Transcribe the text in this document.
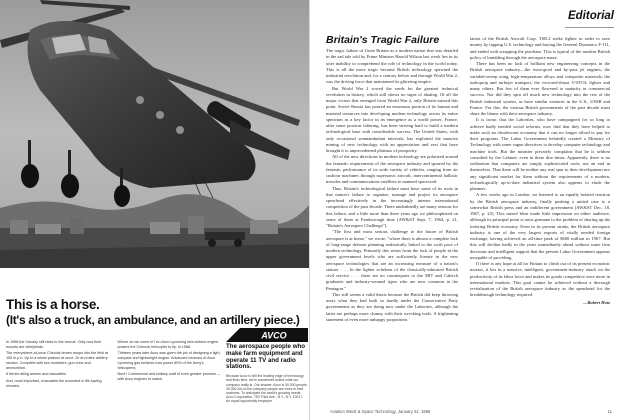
This is a horse.
(It's also a truck, an ambulance, and an artillery piece.)

In 1968 the Cavalry still rides to the rescue. Only now their mounts are whirlybirds.

The everywhere-at-once Chinook ferries troops into the field at 150 m.p.h. Up to a whole platoon at once. Or an entire artillery section. Complete with two howitzers, gun crew and ammunition.

It ferries ailing airmen and casualties.

And, most important, evacuates the wounded in life-saving minutes.

Where do we come in? An Avco Lycoming twin-turbine engine powers the Chinook helicopter to fly. In 1968.

Thirteen years later Avco was given the job of designing a light, compact and lightweight engine. Advanced versions of Avco Lycoming gas turbines now power 80% of the Army's helicopters.

Next? Commercial and military craft of even greater promise — with Avco engines to match.

AVCO
The aerospace people who make farm equipment and operate 11 TV and radio stations.
Because Avco is still the leading edge of technology and finds time, we're sometimes asked what our company really is. Our answer: Avco is 30,000 people, 30,000 out-of-the-company people are more in their business. To anticipate the world's growing needs. Avco Corporation, 750 Third Ave., N.Y., N.Y. 10017. An equal opportunity employer.
Editorial
Britain's Tragic Failure

The tragic failure of Great Britain as a modern nation that was detailed in the sad tale told by Prime Minister Harold Wilson last week lies in its utter inability to comprehend the role of technology in the world today. This is all the more tragic because British technology spawned the industrial revolution and, for a century before and through World War 2, was the driving force that maintained its glittering empire.

But World War 2 sowed the seeds for the greatest technical revolution in history, which still shows no signs of abating. Of all the major victors that emerged from World War 2, only Britain missed this point. Soviet Russia has poured an enormous portion of its human and material resources into developing modern technology across its entire spectrum as a key factor in its emergence as a world power. France, after some postwar faltering, has been striving hard to build a modern technological base with considerable success. The United States, with only occasional somnambulant intervals, has exploited the massive mining of new technology with an appreciation and zest that have brought it to unprecedented plateaus of prosperity.

All of the new directions in modern technology are polarized around the fantastic requirements of the aerospace industry and spurred by the fantastic performance of its wide variety of vehicles, ranging from air cushion machines through supersonic aircraft, intercontinental ballistic missiles and communications satellites to manned spacecraft.

Thus, Britain's technological failure must have some of its roots in that nation's failure to organize, manage and project its aerospace spearhead effectively in the increasingly intense international competition of the past decade. There undoubtedly are many reasons for this failure, and a little more than three years ago we philosophized on some of them at Farnborough time (AW&ST Sept. 7, 1964, p. 21, "Britain's Aerospace Challenge").

"The first and most serious challenge to the future of British aerospace is at home," we wrote, "where there is almost a complete lack of long-range defense planning realistically linked to the swift pace of modern technology. Primarily this stems from the lack of people in the upper government levels who are sufficiently literate in the new aerospace technologies that are an increasing measure of a nation's stature. . . . In the lighter echelons of the classically-educated British civil service . . . there are no counterparts to the MIT and Caltech graduates and industry-weaned types who are now common in the Pentagon."

This still seems a valid thesis because the British did keep throwing away what they had built so hardly under the Conservative Party governments as they are doing now under the Laborites, although the latter are perhaps more clumsy with their wrecking tools. A frightening statement of even more unhappy proportions

lation of the British Aircraft Corp. TSR.2 strike fighter in order to save money by tapping U.S. technology and buying the General Dynamics F-111, and ended with scrapping the purchase. This is typical of the modern British policy of bumbling through the aerospace maze.

There has been no lack of brilliant new engineering concepts in the British aerospace industry—the twin-spool and by-pass jet engines, the variable-sweep wing, high-temperature alloys and composite materials, the turboprop and turbojet transport, the vectored-thrust V/STOL fighter and many others. But few of them ever flowered to maturity in commercial success. Nor did they spin off much new technology into the rest of the British industrial system, as have similar ventures in the U.S., USSR and France. For this, the various British governments of the past decade must share the blame with their aerospace industry.

It is ironic that the Laborites, who have campaigned for so long to achieve badly needed social reforms, now find that they have helped to make such an obsolescent economy that it can no longer afford to pay for their programs. The Labor Government belatedly created a Ministry of Technology with some vague directives to develop computer technology and machine tools. But the minister privately complains that he is seldom consulted by the Cabinet, even in these dire times. Apparently, there is no realization that computers are simply sophisticated tools, not an end in themselves. That there will be neither any real spur to their development nor any significant market for them without the requirements of a modern, technologically up-to-date industrial system also appears to elude the planners.

A few weeks ago in London, we listened to an equally belated reaction by the British aerospace industry, finally pushing a united case to a somewhat British press and an indifferent government (AW&ST Dec. 18, 1967, p. 23). This mixed bleat made little impression on either audience, although its principal point is most germane to the problem of shoring up the tottering British economy. Even in its present straits, the British aerospace industry is one of the very largest exports of vitally needed foreign exchange, having achieved an all-time peak of $600 million in 1967. But this will decline badly in the years immediately ahead without some firm decisions and intelligent support that the present Labor Government appears incapable of providing.

If there is any hope at all for Britain to climb out of its present economic morass, it lies in a massive, intelligent, government-industry attack on the productivity of its labor force and makes its goods competitive once more in international markets. This goal cannot be achieved without a thorough revitalization of the British aerospace industry as the spearhead for the breakthrough technology required.

—Robert Hotz
Aviation Week & Space Technology, January 22, 1968	11
